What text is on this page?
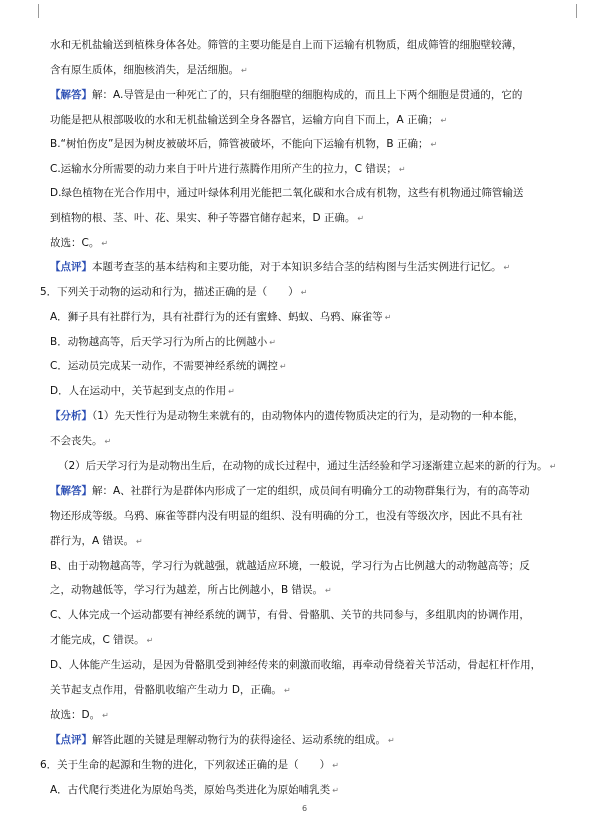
水和无机盐输送到植株身体各处。筛管的主要功能是自上而下运输有机物质，组成筛管的细胞壁较薄，
含有原生质体，细胞核消失，是活细胞。 ↵
【解答】解：A.导管是由一种死亡了的，只有细胞壁的细胞构成的，而且上下两个细胞是贯通的，它的
功能是把从根部吸收的水和无机盐输送到全身各器官，运输方向自下而上，A 正确； ↵
B.“树怕伤皮”是因为树皮被破坏后，筛管被破坏，不能向下运输有机物，B 正确； ↵
C.运输水分所需要的动力来自于叶片进行蒸腾作用所产生的拉力，C 错误； ↵
D.绿色植物在光合作用中，通过叶绿体利用光能把二氧化碳和水合成有机物，这些有机物通过筛管输送
到植物的根、茎、叶、花、果实、种子等器官储存起来，D 正确。 ↵
故选：C。 ↵
【点评】本题考查茎的基本结构和主要功能，对于本知识多结合茎的结构图与生活实例进行记忆。 ↵
5．下列关于动物的运动和行为，描述正确的是（　　） ↵
A．狮子具有社群行为，具有社群行为的还有蜜蜂、蚂蚁、乌鸦、麻雀等 ↵
B．动物越高等，后天学习行为所占的比例越小 ↵
C．运动员完成某一动作，不需要神经系统的调控 ↵
D．人在运动中，关节起到支点的作用 ↵
【分析】（1）先天性行为是动物生来就有的，由动物体内的遗传物质决定的行为，是动物的一种本能，
不会丧失。 ↵
（2）后天学习行为是动物出生后，在动物的成长过程中，通过生活经验和学习逐渐建立起来的新的行为。 ↵
【解答】解：A、社群行为是群体内形成了一定的组织，成员间有明确分工的动物群集行为，有的高等动
物还形成等级。乌鸦、麻雀等群内没有明显的组织、没有明确的分工，也没有等级次序，因此不具有社
群行为，A 错误。 ↵
B、由于动物越高等，学习行为就越强，就越适应环境，一般说，学习行为占比例越大的动物越高等；反
之，动物越低等，学习行为越差，所占比例越小，B 错误。 ↵
C、人体完成一个运动都要有神经系统的调节，有骨、骨骼肌、关节的共同参与，多组肌肉的协调作用，
才能完成，C 错误。 ↵
D、人体能产生运动，是因为骨骼肌受到神经传来的刺激而收缩，再牵动骨绕着关节活动，骨起杠杆作用，
关节起支点作用，骨骼肌收缩产生动力 D，正确。 ↵
故选：D。 ↵
【点评】解答此题的关键是理解动物行为的获得途径、运动系统的组成。 ↵
6．关于生命的起源和生物的进化，下列叙述正确的是（　　） ↵
A．古代爬行类进化为原始鸟类，原始鸟类进化为原始哺乳类 ↵
6
